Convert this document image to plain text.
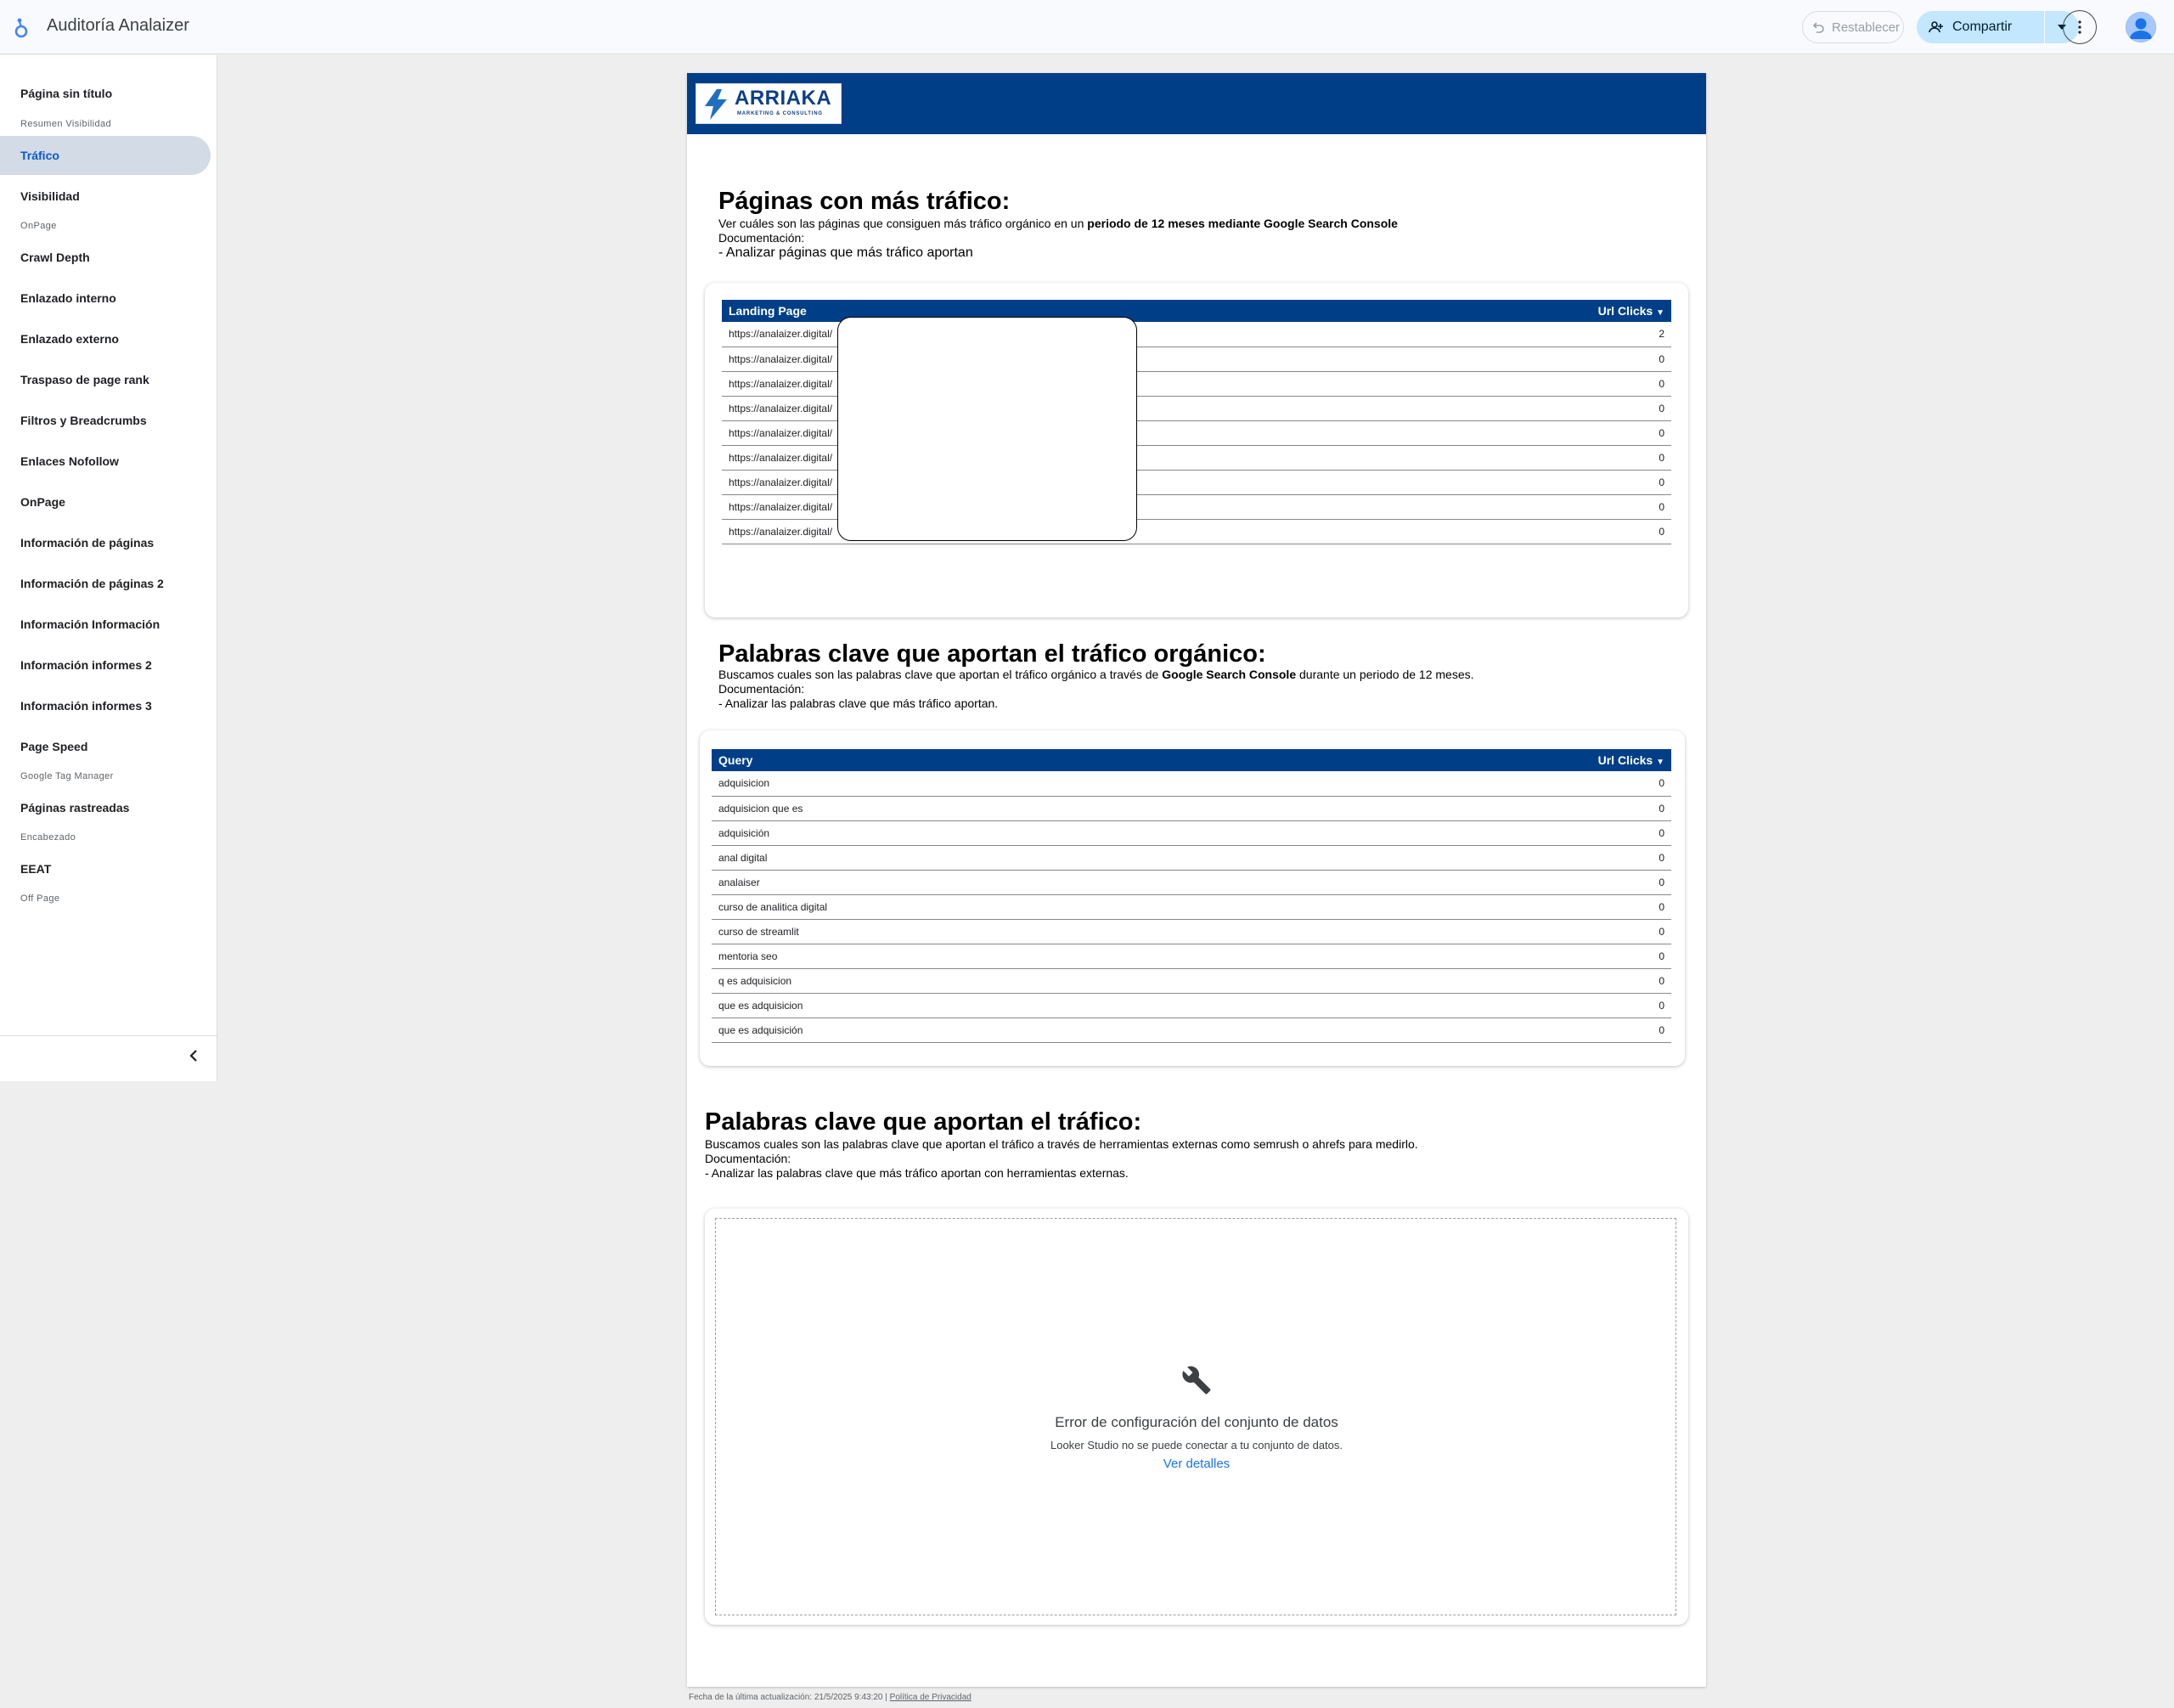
Auditoría Analaizer	Restablecer	Compartir
Página sin título
Resumen Visibilidad
Tráfico
Visibilidad
OnPage
Crawl Depth
Enlazado interno
Enlazado externo
Traspaso de page rank
Filtros y Breadcrumbs
Enlaces Nofollow
OnPage
Información de páginas
Información de páginas 2
Información Información
Información informes 2
Información informes 3
Page Speed
Google Tag Manager
Páginas rastreadas
Encabezado
EEAT
Off Page
ARRIAKA
MARKETING & CONSULTING
Páginas con más tráfico:
Ver cuáles son las páginas que consiguen más tráfico orgánico en un periodo de 12 meses mediante Google Search Console
Documentación:
- Analizar páginas que más tráfico aportan
Landing Page	Url Clicks ▼
https://analaizer.digital/	2
https://analaizer.digital/	0
https://analaizer.digital/	0
https://analaizer.digital/	0
https://analaizer.digital/	0
https://analaizer.digital/	0
https://analaizer.digital/	0
https://analaizer.digital/	0
https://analaizer.digital/	0
Palabras clave que aportan el tráfico orgánico:
Buscamos cuales son las palabras clave que aportan el tráfico orgánico a través de Google Search Console durante un periodo de 12 meses.
Documentación:
- Analizar las palabras clave que más tráfico aportan.
Query	Url Clicks ▼
adquisicion	0
adquisicion que es	0
adquisición	0
anal digital	0
analaiser	0
curso de analitica digital	0
curso de streamlit	0
mentoria seo	0
q es adquisicion	0
que es adquisicion	0
que es adquisición	0
Palabras clave que aportan el tráfico:
Buscamos cuales son las palabras clave que aportan el tráfico a través de herramientas externas como semrush o ahrefs para medirlo.
Documentación:
- Analizar las palabras clave que más tráfico aportan con herramientas externas.
Error de configuración del conjunto de datos
Looker Studio no se puede conectar a tu conjunto de datos.
Ver detalles
Fecha de la última actualización: 21/5/2025 9:43:20 | Política de Privacidad
